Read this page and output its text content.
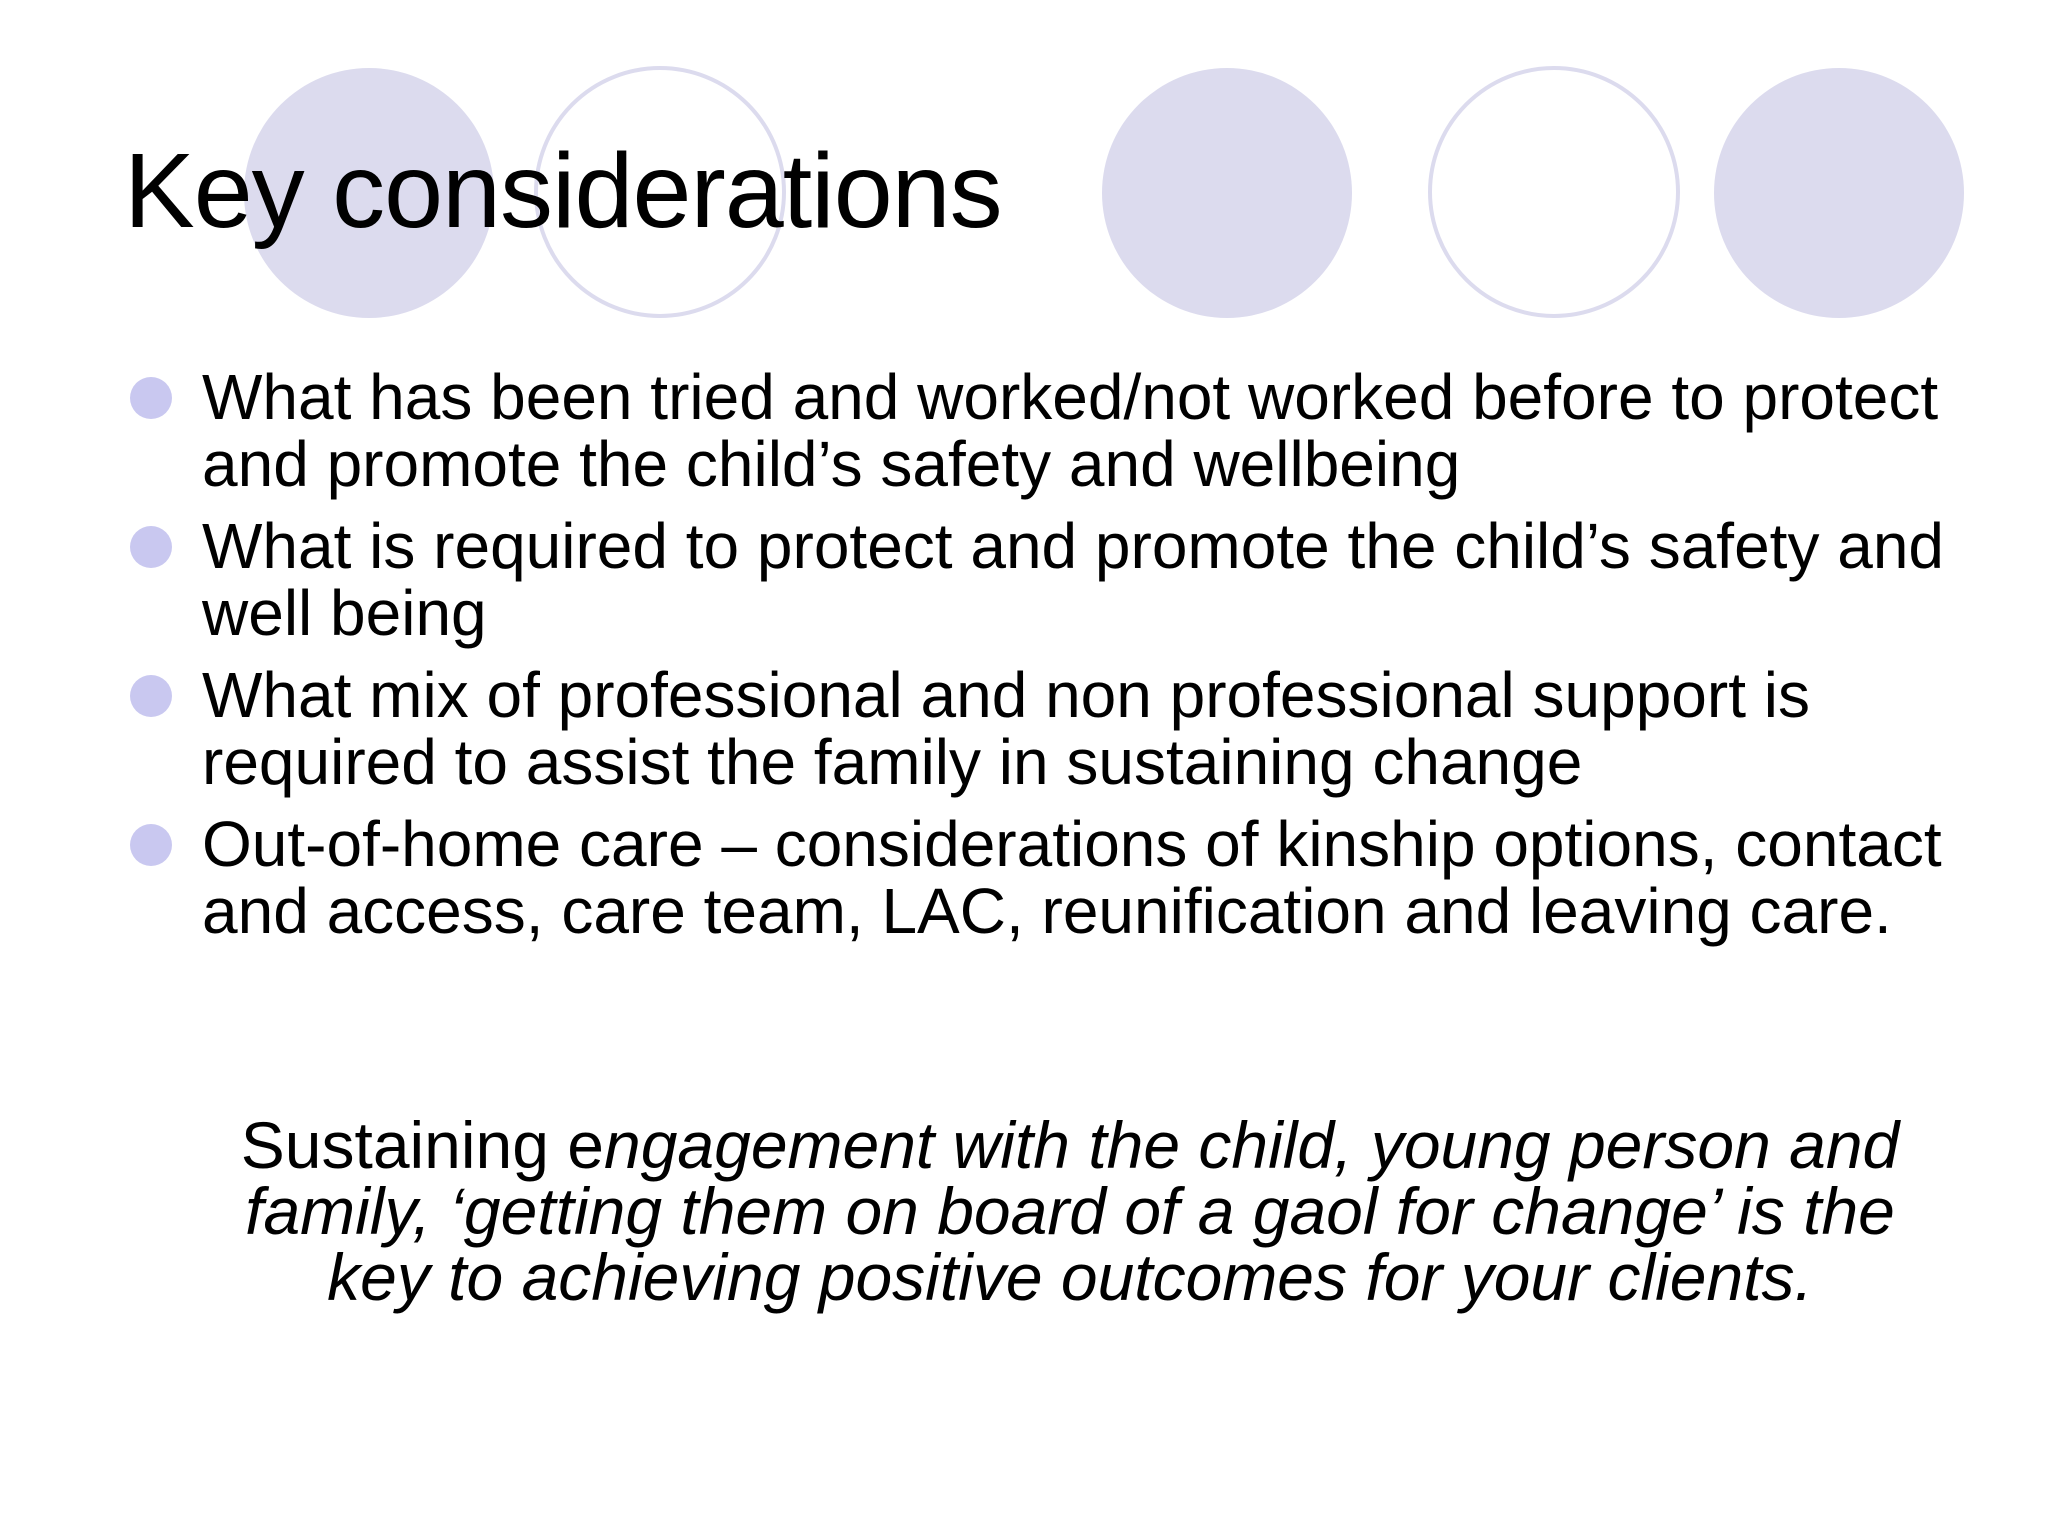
Key considerations
What has been tried and worked/not worked before to protect and promote the child’s safety and wellbeing
What is required to protect and promote the child’s safety and well being
What mix of professional and non professional support is required to assist the family in sustaining change
Out-of-home care – considerations of kinship options, contact and access, care team, LAC, reunification and leaving care.

Sustaining engagement with the child, young person and family, ‘getting them on board of a gaol for change’ is the key to achieving positive outcomes for your clients.
